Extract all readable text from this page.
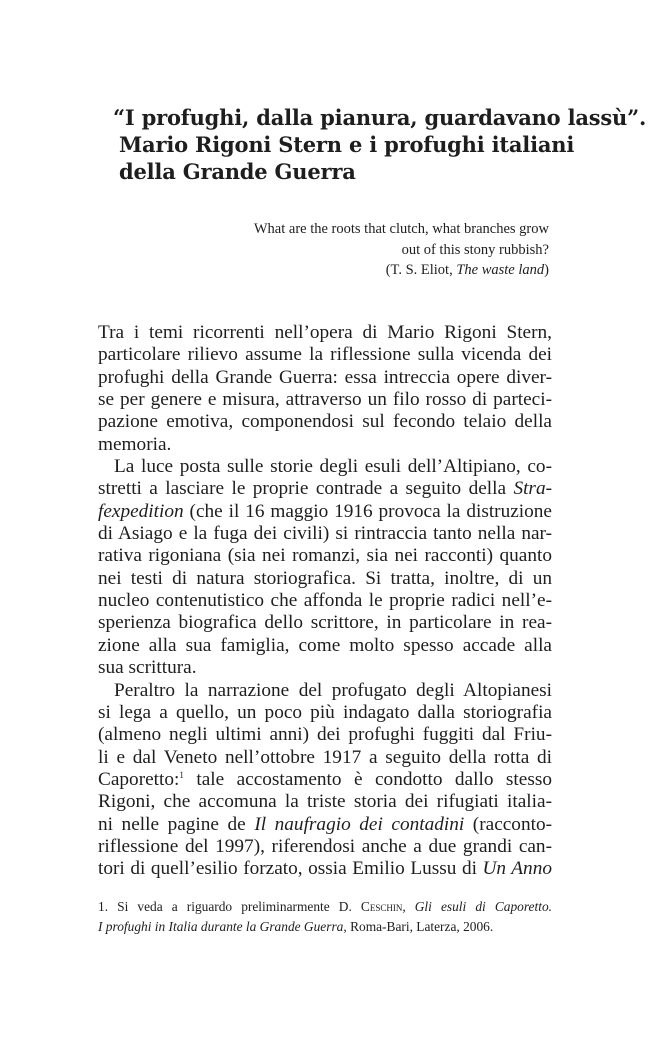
“I profughi, dalla pianura, guardavano lassù”.
Mario Rigoni Stern e i profughi italiani
della Grande Guerra
What are the roots that clutch, what branches grow
out of this stony rubbish?
(T. S. Eliot, The waste land)
Tra i temi ricorrenti nell’opera di Mario Rigoni Stern,
particolare rilievo assume la riflessione sulla vicenda dei
profughi della Grande Guerra: essa intreccia opere diver-
se per genere e misura, attraverso un filo rosso di parteci-
pazione emotiva, componendosi sul fecondo telaio della
memoria.
La luce posta sulle storie degli esuli dell’Altipiano, co-
stretti a lasciare le proprie contrade a seguito della Stra-
fexpedition (che il 16 maggio 1916 provoca la distruzione
di Asiago e la fuga dei civili) si rintraccia tanto nella nar-
rativa rigoniana (sia nei romanzi, sia nei racconti) quanto
nei testi di natura storiografica. Si tratta, inoltre, di un
nucleo contenutistico che affonda le proprie radici nell’e-
sperienza biografica dello scrittore, in particolare in rea-
zione alla sua famiglia, come molto spesso accade alla
sua scrittura.
Peraltro la narrazione del profugato degli Altopianesi
si lega a quello, un poco più indagato dalla storiografia
(almeno negli ultimi anni) dei profughi fuggiti dal Friu-
li e dal Veneto nell’ottobre 1917 a seguito della rotta di
Caporetto:$^1$ tale accostamento è condotto dallo stesso
Rigoni, che accomuna la triste storia dei rifugiati italia-
ni nelle pagine de Il naufragio dei contadini (racconto-
riflessione del 1997), riferendosi anche a due grandi can-
tori di quell’esilio forzato, ossia Emilio Lussu di Un Anno
1. Si veda a riguardo preliminarmente D. Ceschin, Gli esuli di Caporetto.
I profughi in Italia durante la Grande Guerra, Roma-Bari, Laterza, 2006.
